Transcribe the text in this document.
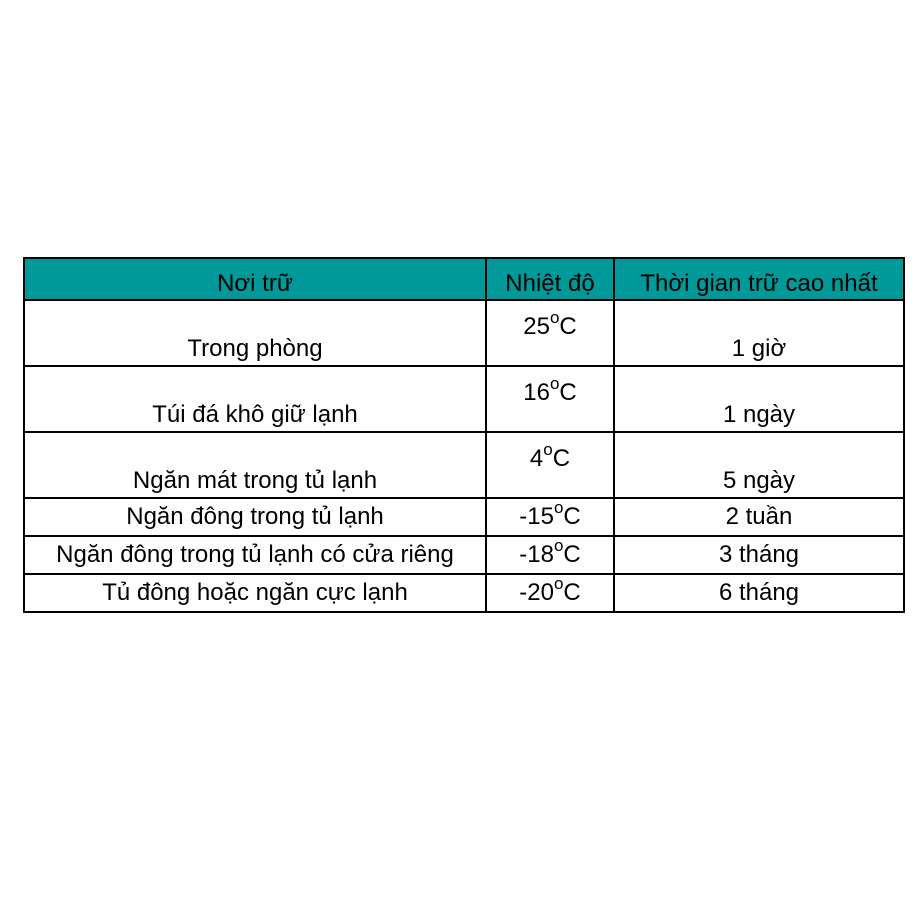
Nơi trữ	Nhiệt độ	Thời gian trữ cao nhất
Trong phòng	25$^o$C	1 giờ
Túi đá khô giữ lạnh	16$^o$C	1 ngày
Ngăn mát trong tủ lạnh	4$^o$C	5 ngày
Ngăn đông trong tủ lạnh	-15$^o$C	2 tuần
Ngăn đông trong tủ lạnh có cửa riêng	-18$^o$C	3 tháng
Tủ đông hoặc ngăn cực lạnh	-20$^o$C	6 tháng
